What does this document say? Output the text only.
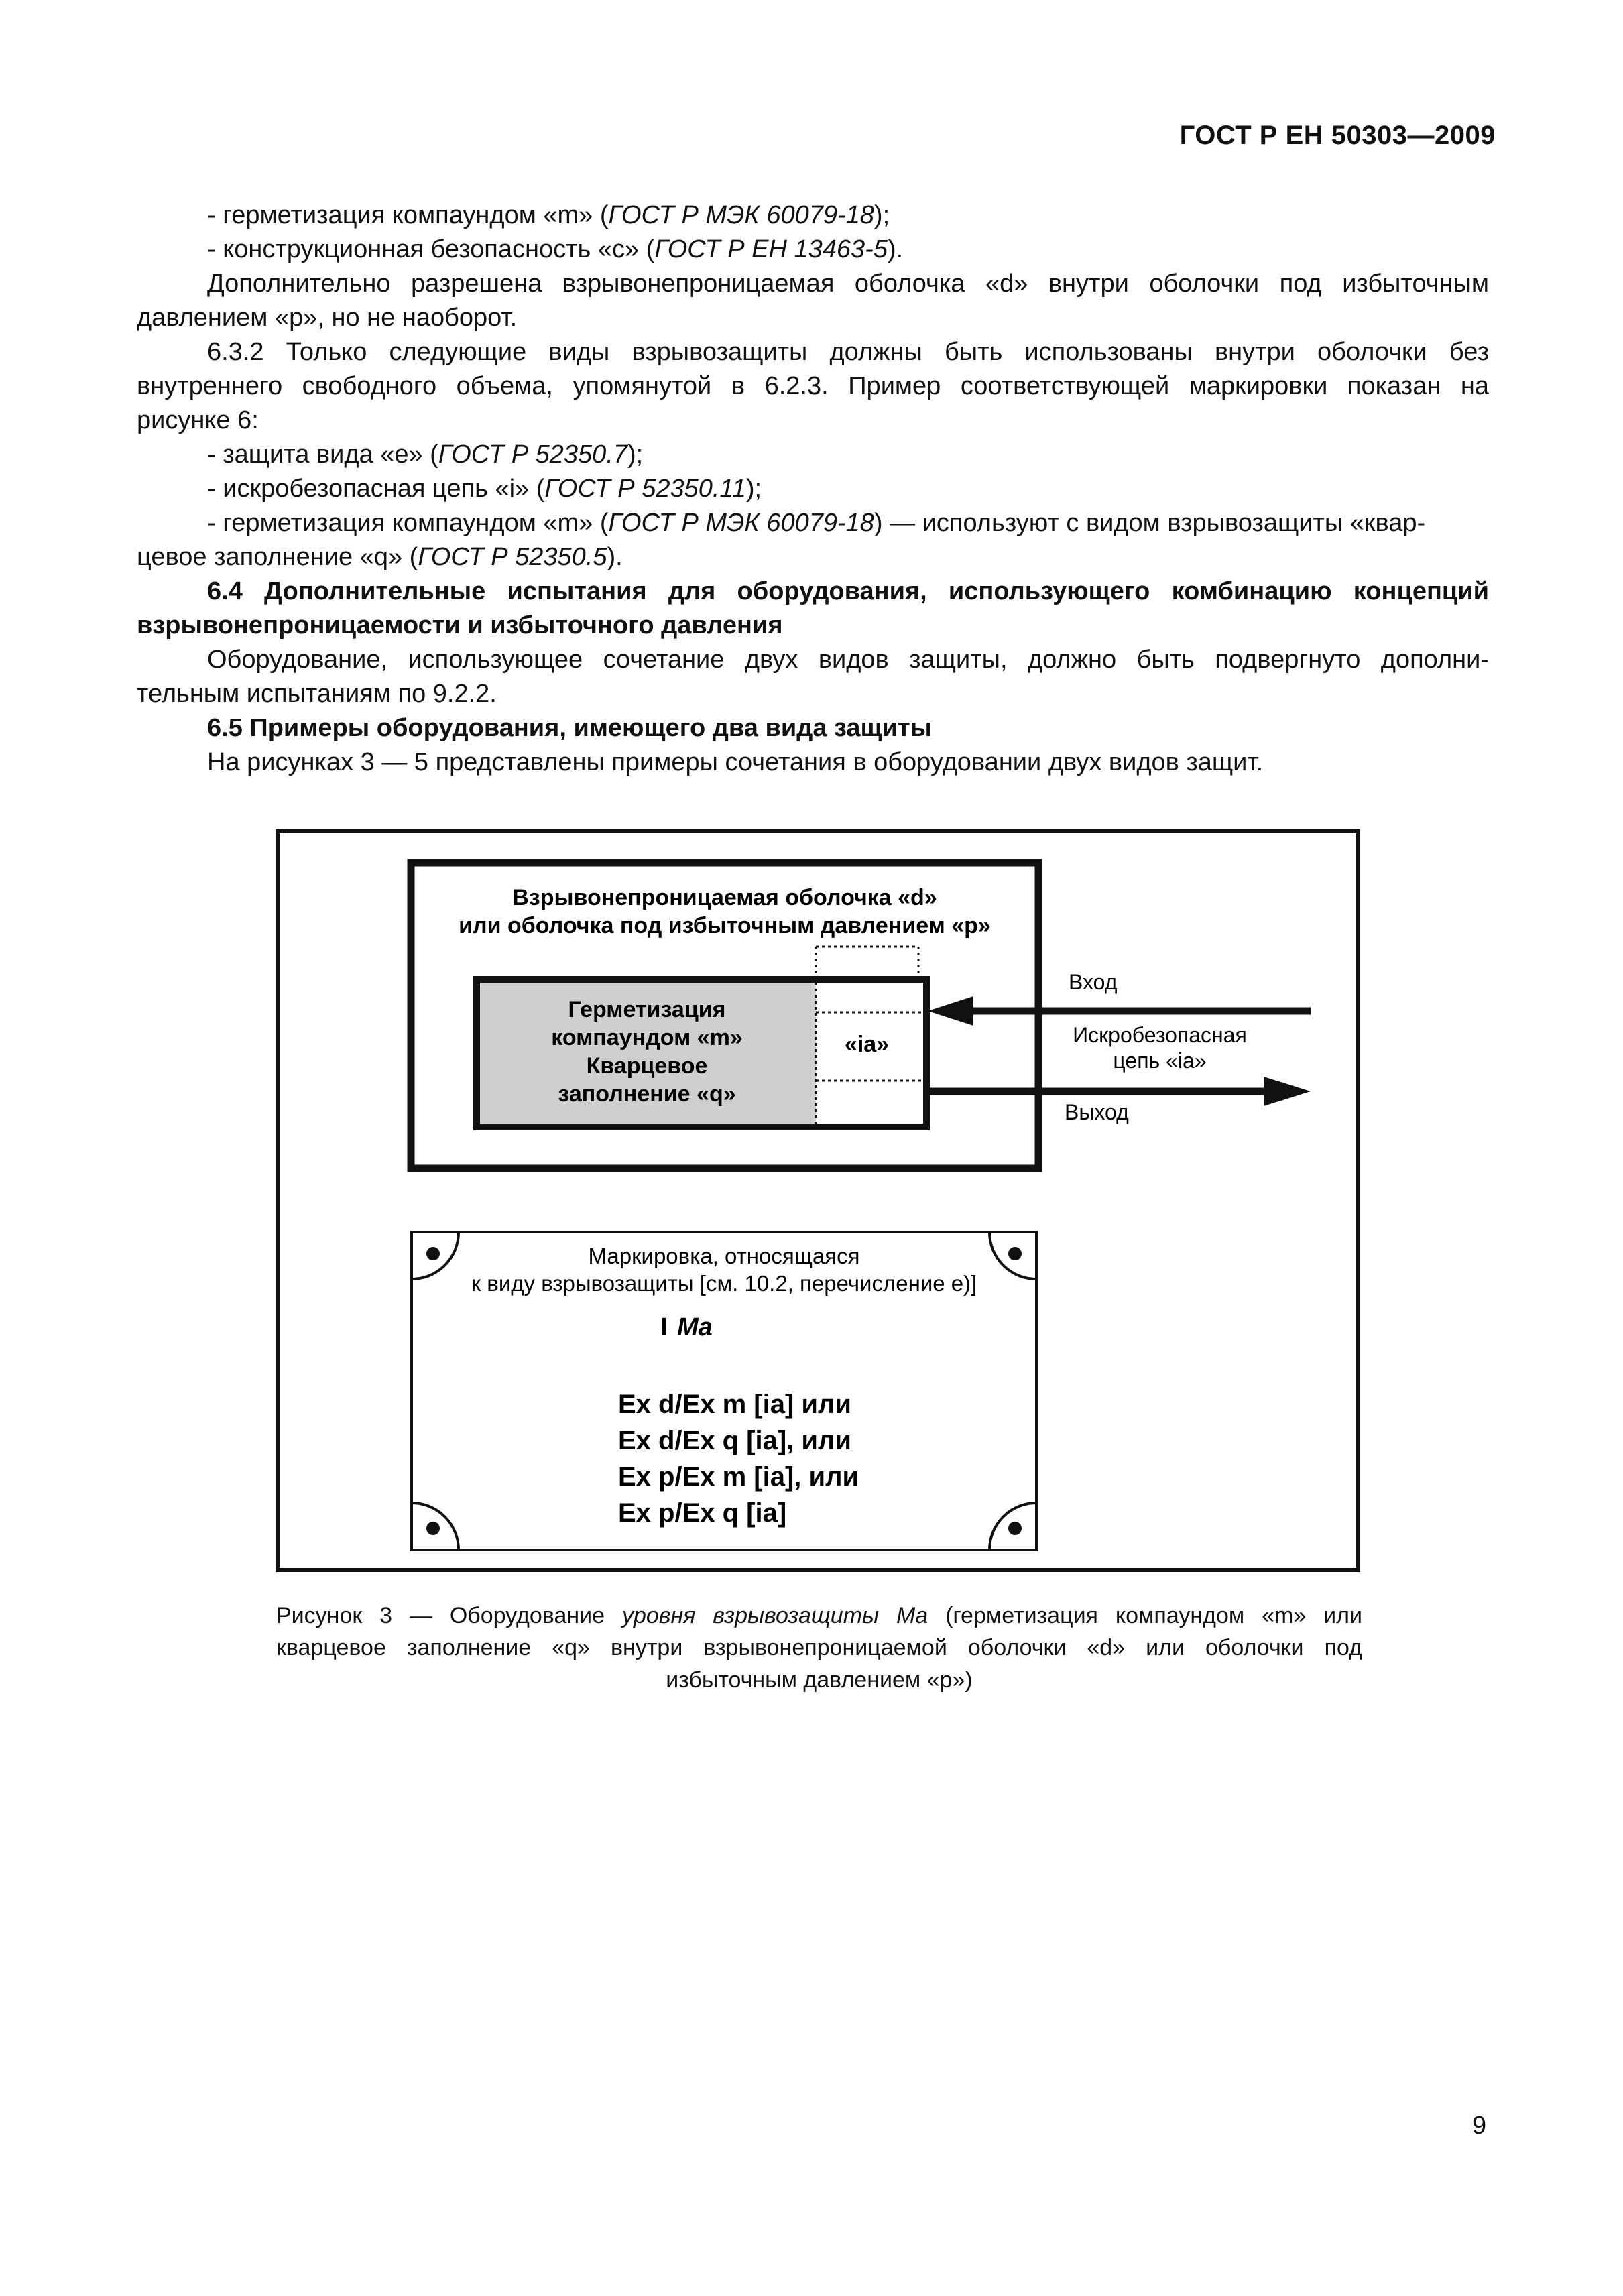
ГОСТ Р ЕН 50303—2009
- герметизация компаундом «m» (ГОСТ Р МЭК 60079-18);
- конструкционная безопасность «c» (ГОСТ Р ЕН 13463-5).
Дополнительно разрешена взрывонепроницаемая оболочка «d» внутри оболочки под избыточным
давлением «p», но не наоборот.
6.3.2 Только следующие виды взрывозащиты должны быть использованы внутри оболочки без
внутреннего свободного объема, упомянутой в 6.2.3. Пример соответствующей маркировки показан на
рисунке 6:
- защита вида «e» (ГОСТ Р 52350.7);
- искробезопасная цепь «i» (ГОСТ Р 52350.11);
- герметизация компаундом «m» (ГОСТ Р МЭК 60079-18) — используют с видом взрывозащиты «квар-
цевое заполнение «q» (ГОСТ Р 52350.5).
6.4 Дополнительные испытания для оборудования, использующего комбинацию концепций
взрывонепроницаемости и избыточного давления
Оборудование, использующее сочетание двух видов защиты, должно быть подвергнуто дополни-
тельным испытаниям по 9.2.2.
6.5 Примеры оборудования, имеющего два вида защиты
На рисунках 3 — 5 представлены примеры сочетания в оборудовании двух видов защит.
Взрывонепроницаемая оболочка «d»
или оболочка под избыточным давлением «p»
Герметизация
компаундом «m»
Кварцевое
заполнение «q»
«ia»
Вход
Искробезопасная
цепь «ia»
Выход
Маркировка, относящаяся
к виду взрывозащиты [см. 10.2, перечисление e)]
I Ma
Ex d/Ex m [ia] или
Ex d/Ex q [ia], или
Ex p/Ex m [ia], или
Ex p/Ex q [ia]
Рисунок 3 — Оборудование уровня взрывозащиты Ma (герметизация компаундом «m» или
кварцевое заполнение «q» внутри взрывонепроницаемой оболочки «d» или оболочки под
избыточным давлением «p»)
9
